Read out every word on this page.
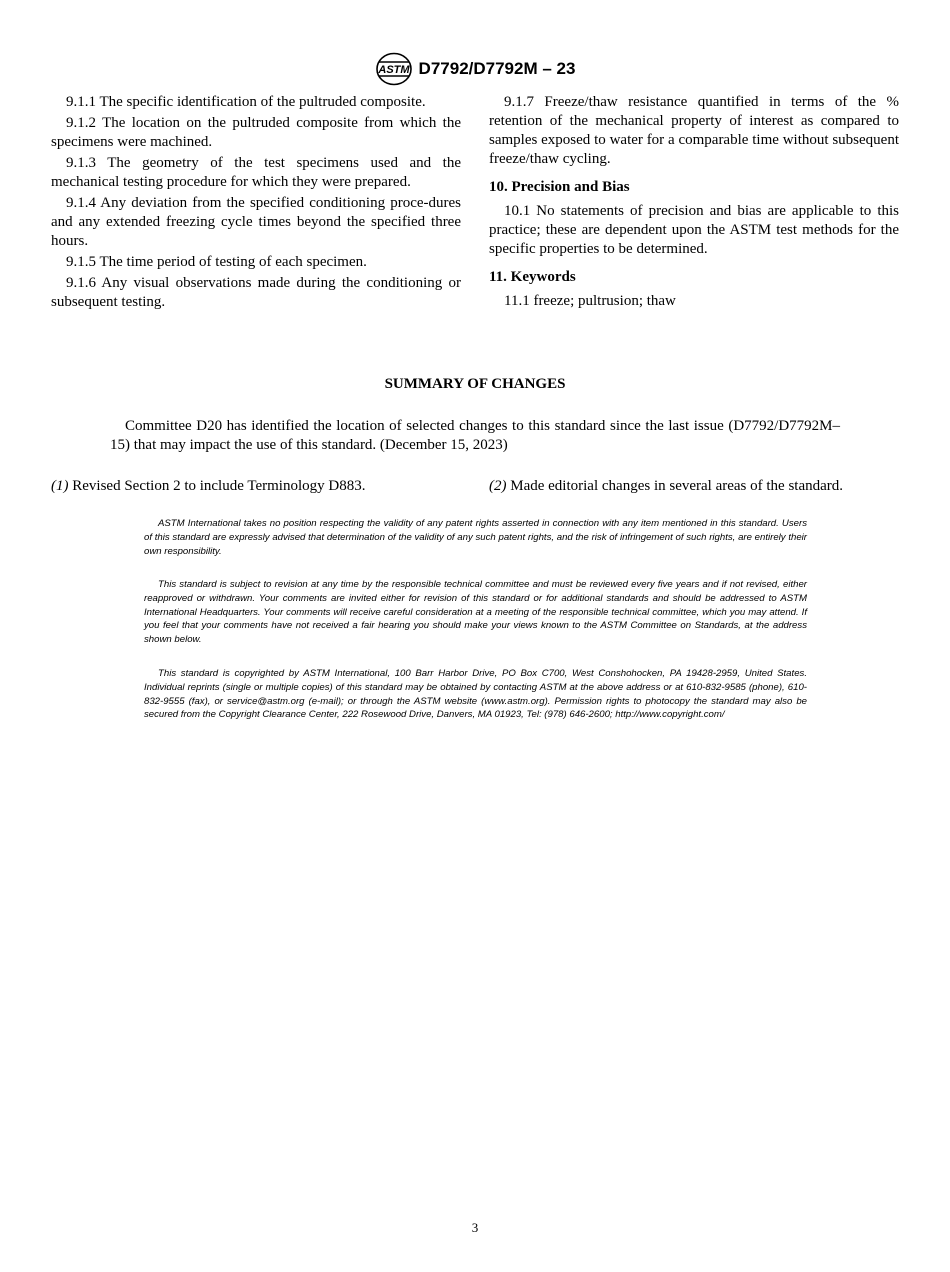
ASTM D7792/D7792M – 23

9.1.1 The specific identification of the pultruded composite.

9.1.2 The location on the pultruded composite from which the specimens were machined.

9.1.3 The geometry of the test specimens used and the mechanical testing procedure for which they were prepared.

9.1.4 Any deviation from the specified conditioning proce-dures and any extended freezing cycle times beyond the specified three hours.

9.1.5 The time period of testing of each specimen.

9.1.6 Any visual observations made during the conditioning or subsequent testing.

9.1.7 Freeze/thaw resistance quantified in terms of the % retention of the mechanical property of interest as compared to samples exposed to water for a comparable time without subsequent freeze/thaw cycling.

10. Precision and Bias

10.1 No statements of precision and bias are applicable to this practice; these are dependent upon the ASTM test methods for the specific properties to be determined.

11. Keywords

11.1 freeze; pultrusion; thaw

SUMMARY OF CHANGES

Committee D20 has identified the location of selected changes to this standard since the last issue (D7792/D7792M–15) that may impact the use of this standard. (December 15, 2023)

(1) Revised Section 2 to include Terminology D883.	(2) Made editorial changes in several areas of the standard.

ASTM International takes no position respecting the validity of any patent rights asserted in connection with any item mentioned in this standard. Users of this standard are expressly advised that determination of the validity of any such patent rights, and the risk of infringement of such rights, are entirely their own responsibility.

This standard is subject to revision at any time by the responsible technical committee and must be reviewed every five years and if not revised, either reapproved or withdrawn. Your comments are invited either for revision of this standard or for additional standards and should be addressed to ASTM International Headquarters. Your comments will receive careful consideration at a meeting of the responsible technical committee, which you may attend. If you feel that your comments have not received a fair hearing you should make your views known to the ASTM Committee on Standards, at the address shown below.

This standard is copyrighted by ASTM International, 100 Barr Harbor Drive, PO Box C700, West Conshohocken, PA 19428-2959, United States. Individual reprints (single or multiple copies) of this standard may be obtained by contacting ASTM at the above address or at 610-832-9585 (phone), 610-832-9555 (fax), or service@astm.org (e-mail); or through the ASTM website (www.astm.org). Permission rights to photocopy the standard may also be secured from the Copyright Clearance Center, 222 Rosewood Drive, Danvers, MA 01923, Tel: (978) 646-2600; http://www.copyright.com/

3
